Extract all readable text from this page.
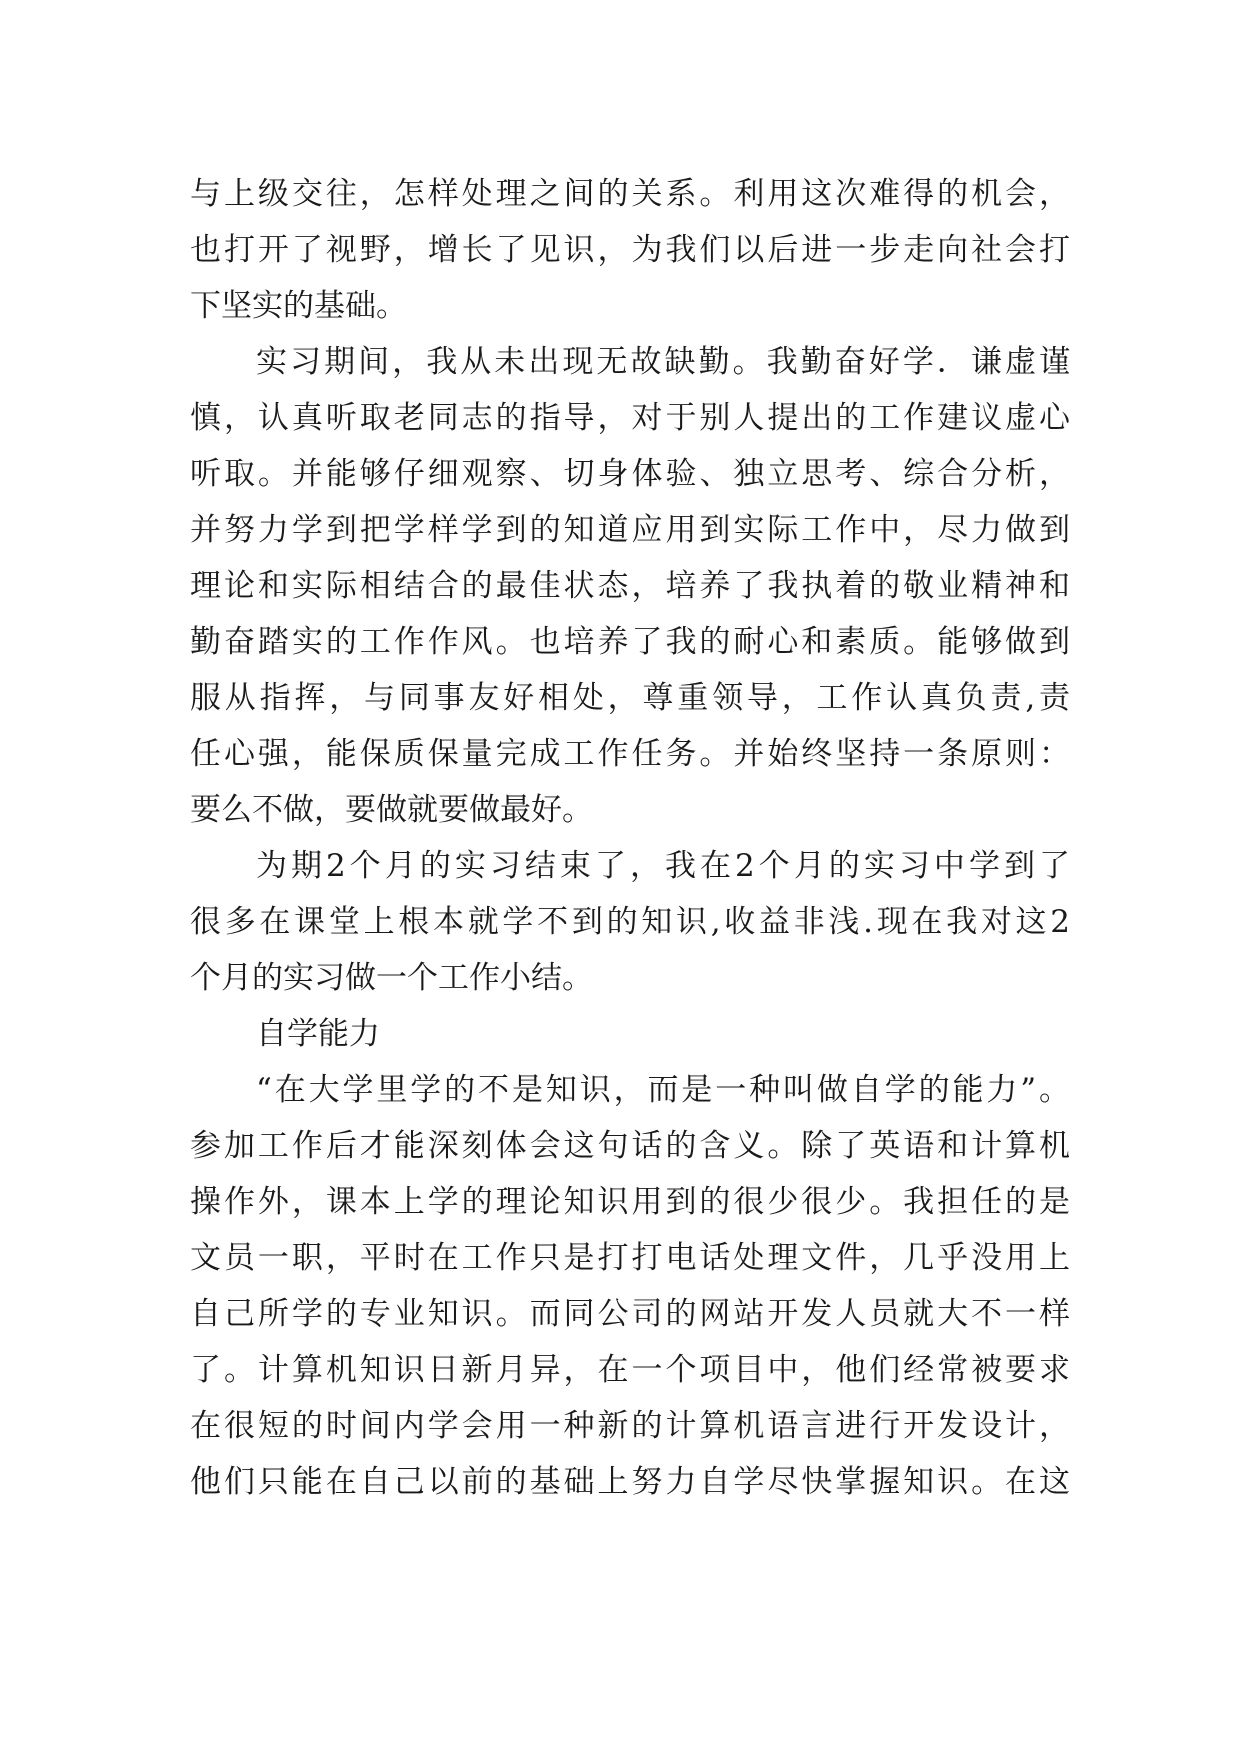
与上级交往，怎样处理之间的关系。利用这次难得的机会，
也打开了视野，增长了见识，为我们以后进一步走向社会打
下坚实的基础。
实习期间，我从未出现无故缺勤。我勤奋好学．谦虚谨
慎，认真听取老同志的指导，对于别人提出的工作建议虚心
听取。并能够仔细观察、切身体验、独立思考、综合分析，
并努力学到把学样学到的知道应用到实际工作中，尽力做到
理论和实际相结合的最佳状态，培养了我执着的敬业精神和
勤奋踏实的工作作风。也培养了我的耐心和素质。能够做到
服从指挥，与同事友好相处，尊重领导，工作认真负责,责
任心强，能保质保量完成工作任务。并始终坚持一条原则：
要么不做，要做就要做最好。
为期2个月的实习结束了，我在2个月的实习中学到了
很多在课堂上根本就学不到的知识,收益非浅.现在我对这2
个月的实习做一个工作小结。
自学能力
“在大学里学的不是知识，而是一种叫做自学的能力”。
参加工作后才能深刻体会这句话的含义。除了英语和计算机
操作外，课本上学的理论知识用到的很少很少。我担任的是
文员一职，平时在工作只是打打电话处理文件，几乎没用上
自己所学的专业知识。而同公司的网站开发人员就大不一样
了。计算机知识日新月异，在一个项目中，他们经常被要求
在很短的时间内学会用一种新的计算机语言进行开发设计，
他们只能在自己以前的基础上努力自学尽快掌握知识。在这
